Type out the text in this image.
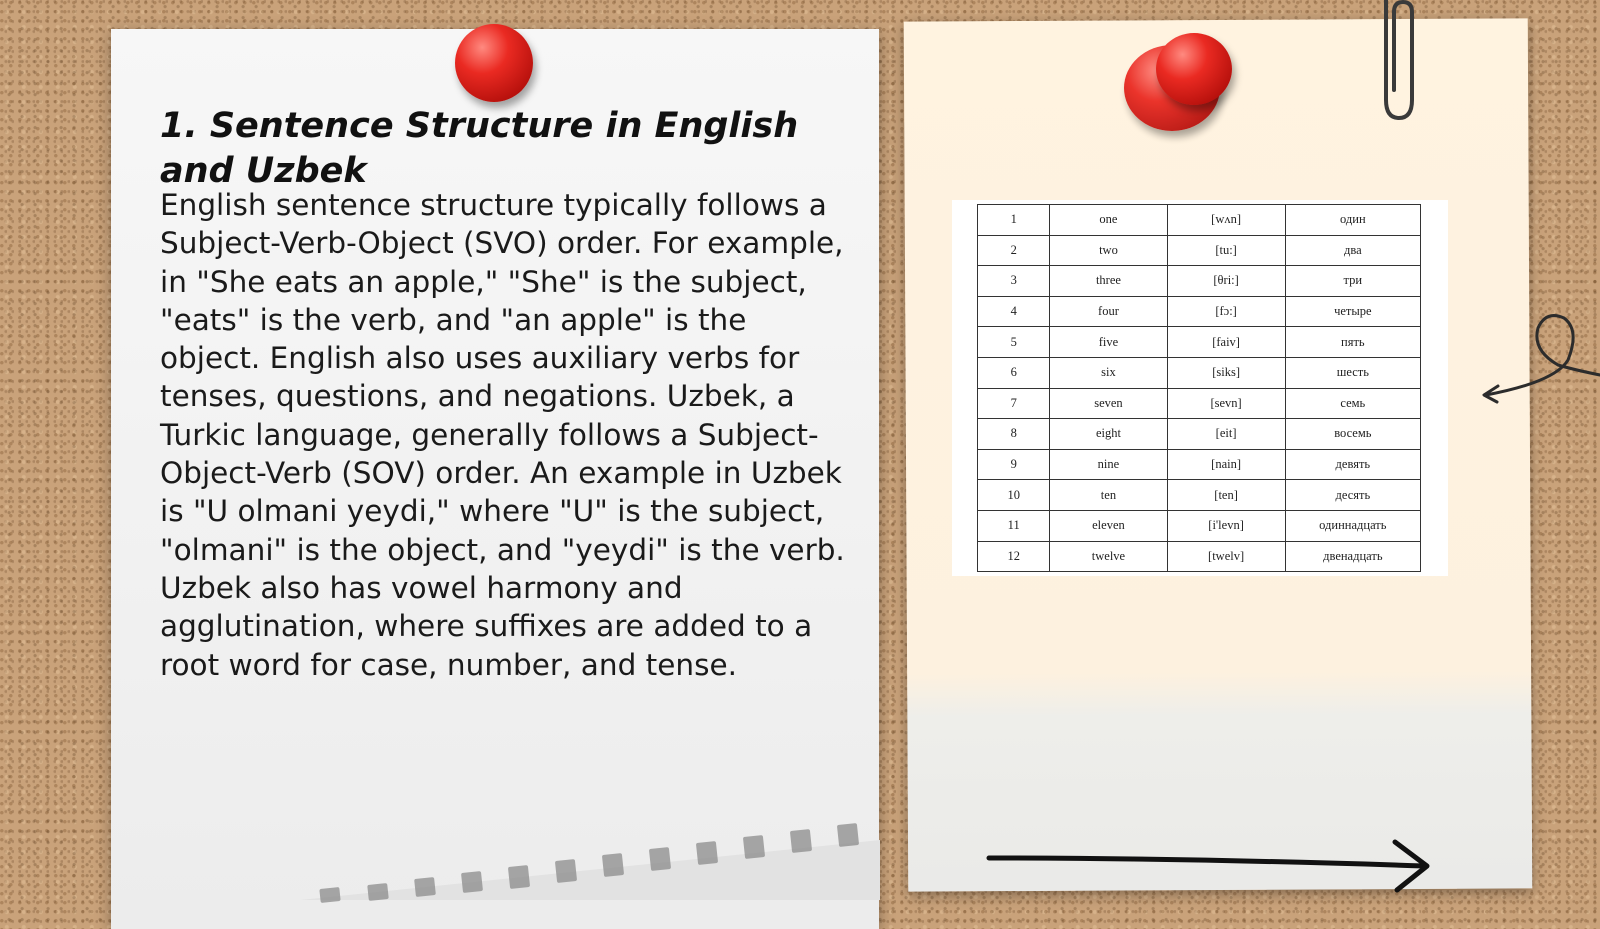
1. Sentence Structure in English and Uzbek

English sentence structure typically follows a Subject-Verb-Object (SVO) order. For example, in "She eats an apple," "She" is the subject, "eats" is the verb, and "an apple" is the object. English also uses auxiliary verbs for tenses, questions, and negations. Uzbek, a Turkic language, generally follows a Subject-Object-Verb (SOV) order. An example in Uzbek is "U olmani yeydi," where "U" is the subject, "olmani" is the object, and "yeydi" is the verb. Uzbek also has vowel harmony and agglutination, where suffixes are added to a root word for case, number, and tense.

1	one	[wʌn]	один
2	two	[tu:]	два
3	three	[θri:]	три
4	four	[fɔ:]	четыре
5	five	[faiv]	пять
6	six	[siks]	шесть
7	seven	[sevn]	семь
8	eight	[eit]	восемь
9	nine	[nain]	девять
10	ten	[ten]	десять
11	eleven	[i'levn]	одиннадцать
12	twelve	[twelv]	двенадцать
